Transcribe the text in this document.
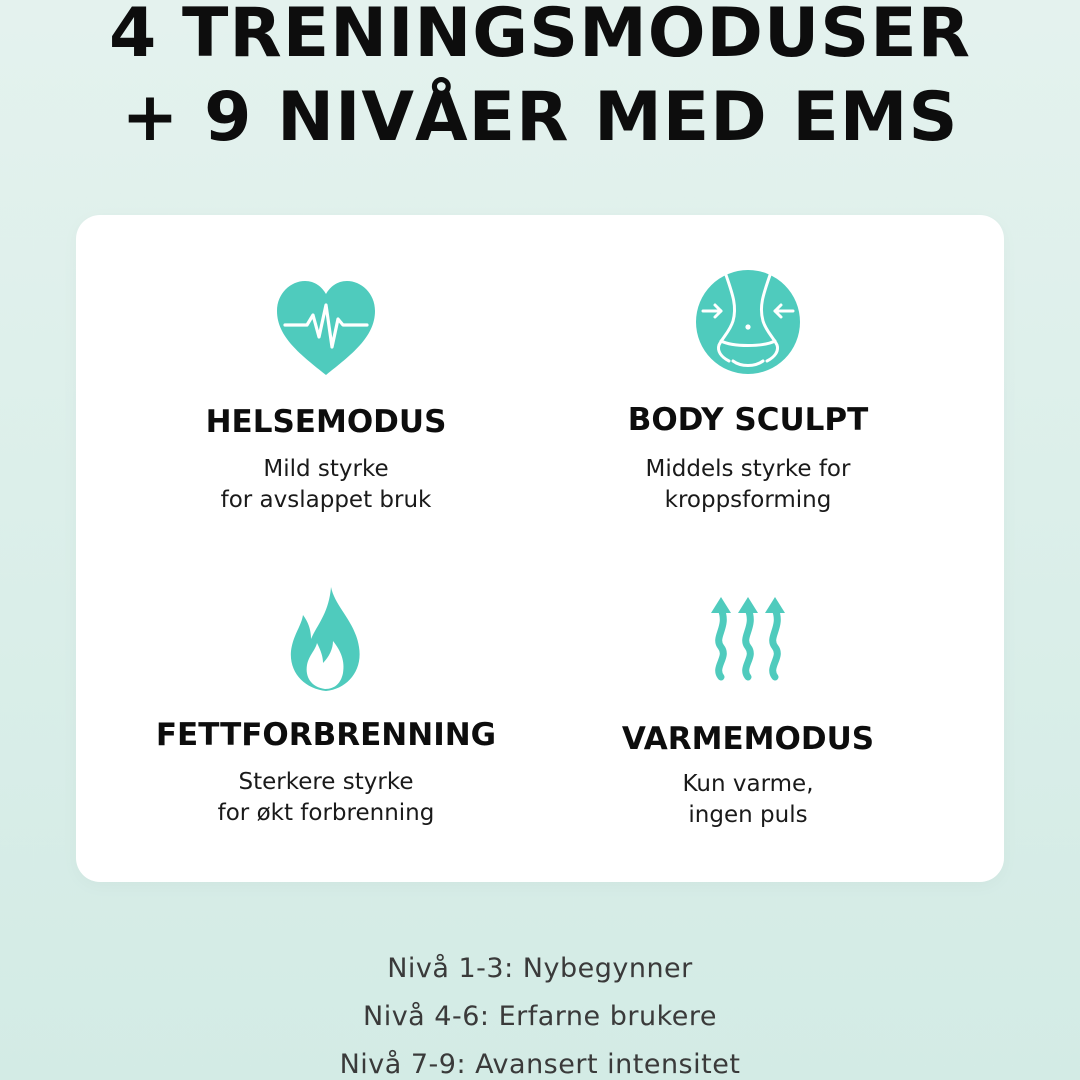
4 TRENINGSMODUSER
+ 9 NIVÅER MED EMS
HELSEMODUS
Mild styrke
for avslappet bruk
BODY SCULPT
Middels styrke for
kroppsforming
FETTFORBRENNING
Sterkere styrke
for økt forbrenning
VARMEMODUS
Kun varme,
ingen puls
Nivå 1-3: Nybegynner
Nivå 4-6: Erfarne brukere
Nivå 7-9: Avansert intensitet
